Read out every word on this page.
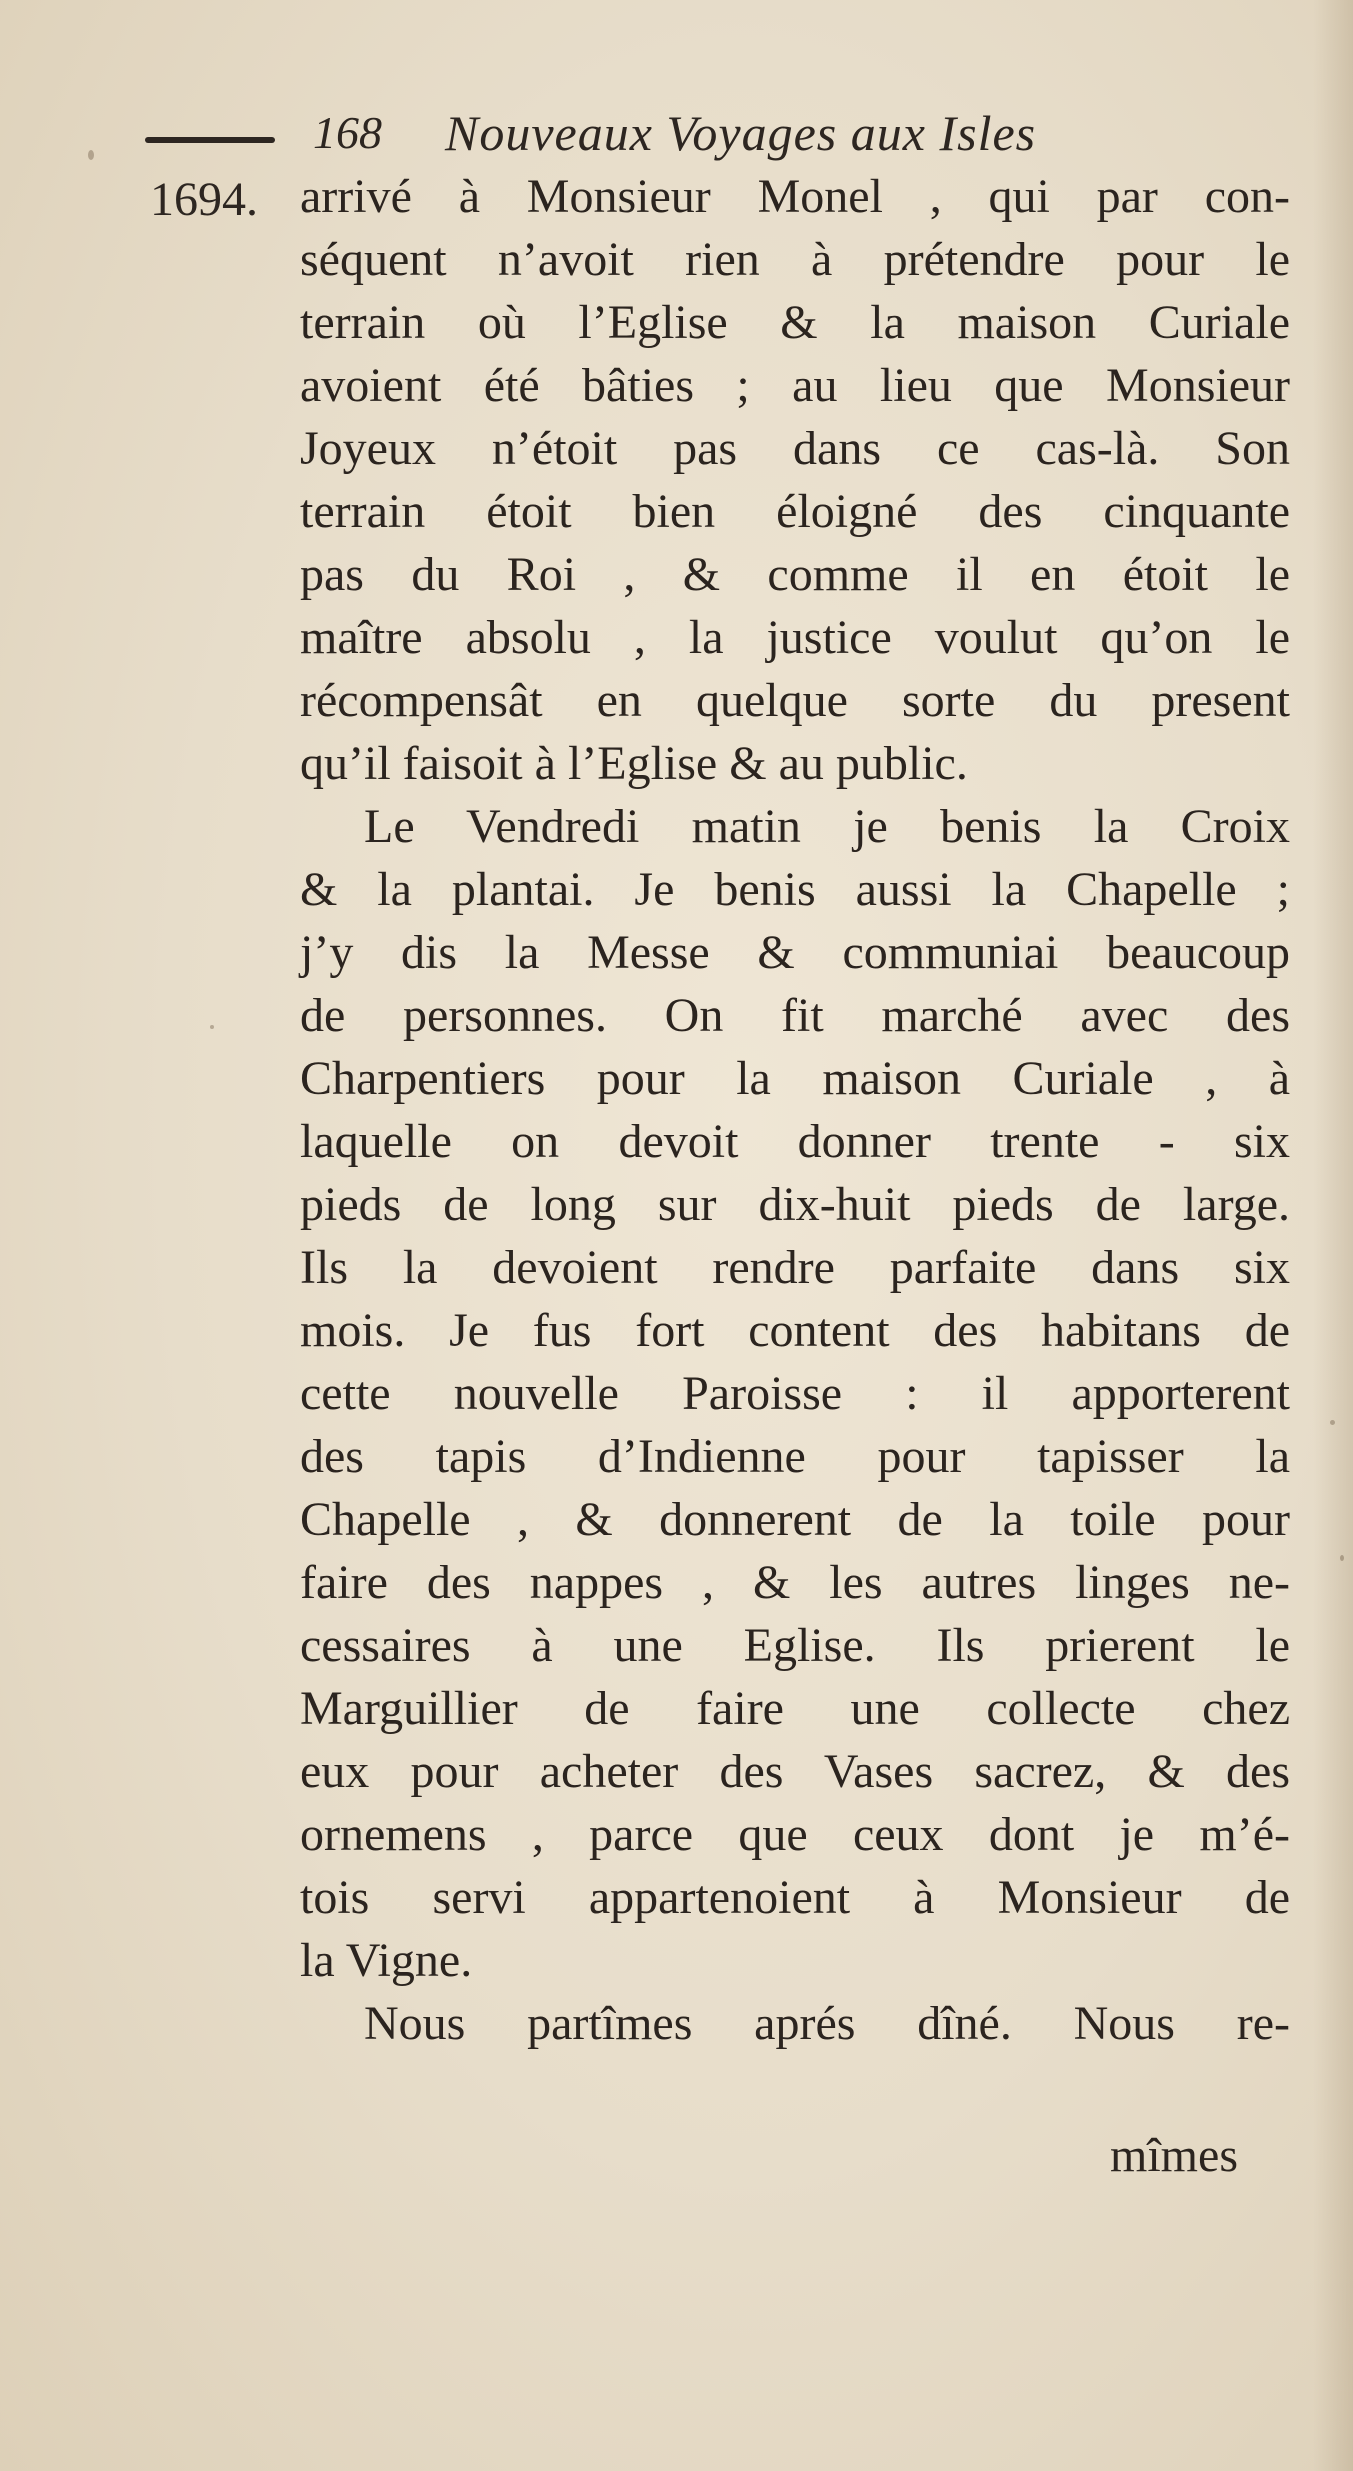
168 Nouveaux Voyages aux Isles
1694. arrivé à Monsieur Monel , qui par con-
séquent n’avoit rien à prétendre pour le
terrain où l’Eglise & la maison Curiale
avoient été bâties ; au lieu que Monsieur
Joyeux n’étoit pas dans ce cas-là. Son
terrain étoit bien éloigné des cinquante
pas du Roi , & comme il en étoit le
maître absolu , la justice voulut qu’on le
récompensât en quelque sorte du present
qu’il faisoit à l’Eglise & au public.
Le Vendredi matin je benis la Croix
& la plantai. Je benis aussi la Chapelle ;
j’y dis la Messe & communiai beaucoup
de personnes. On fit marché avec des
Charpentiers pour la maison Curiale , à
laquelle on devoit donner trente - six
pieds de long sur dix-huit pieds de large.
Ils la devoient rendre parfaite dans six
mois. Je fus fort content des habitans de
cette nouvelle Paroisse : il apporterent
des tapis d’Indienne pour tapisser la
Chapelle , & donnerent de la toile pour
faire des nappes , & les autres linges ne-
cessaires à une Eglise. Ils prierent le
Marguillier de faire une collecte chez
eux pour acheter des Vases sacrez, & des
ornemens , parce que ceux dont je m’é-
tois servi appartenoient à Monsieur de
la Vigne.
Nous partîmes aprés dîné. Nous re-
mîmes
